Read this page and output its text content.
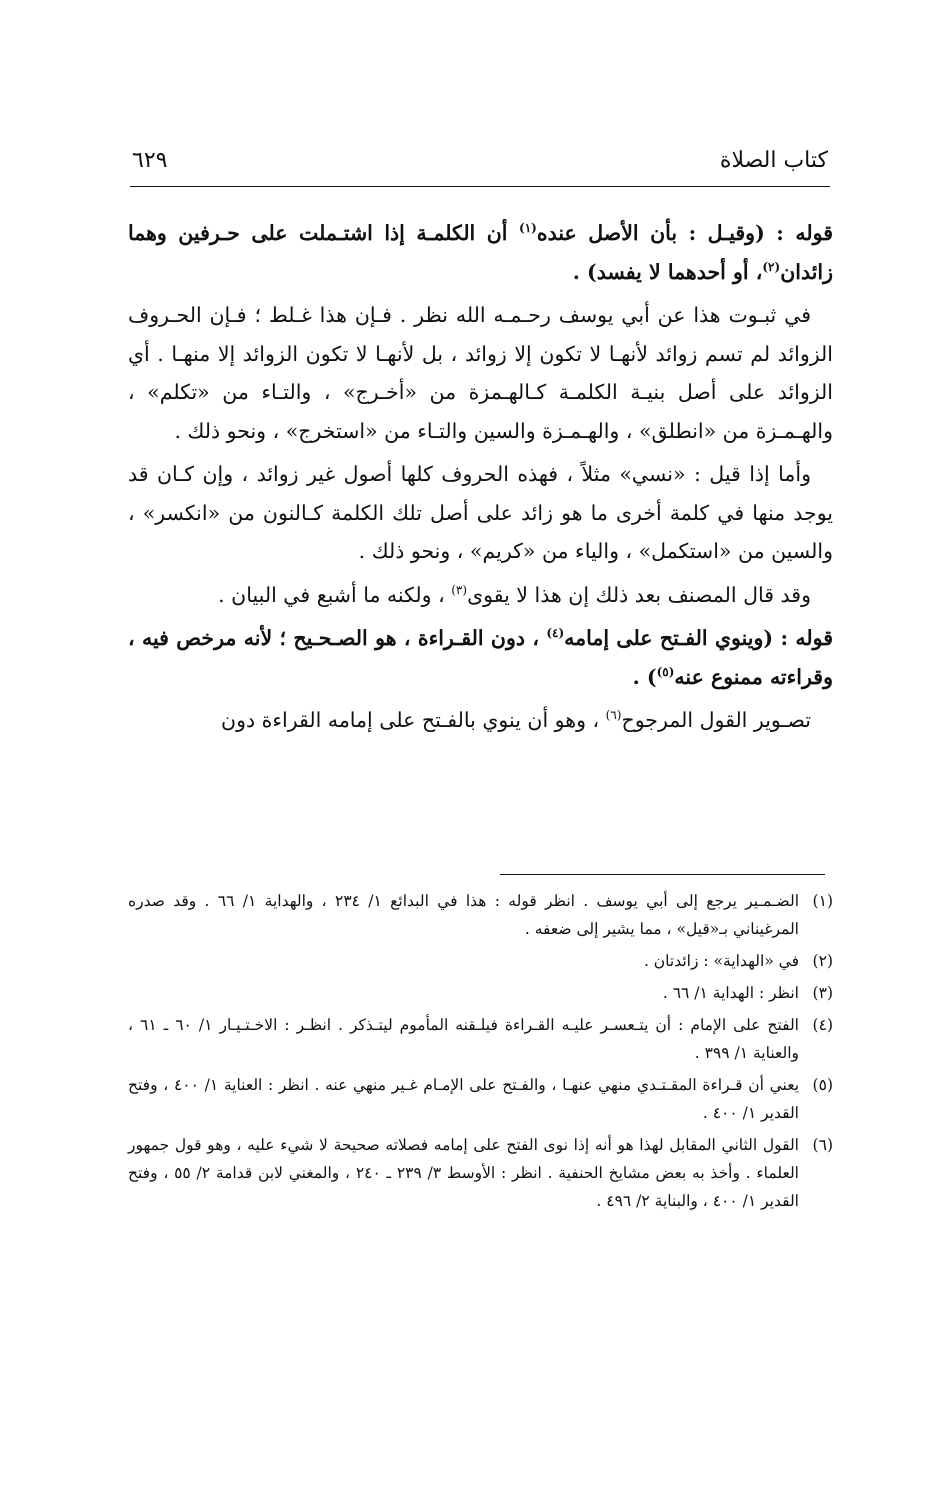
كتاب الصلاة
٦٢٩

قوله : (وقيـل : بأن الأصل عنده$^{(١)}$ أن الكلمـة إذا اشتـملت على حـرفين وهما زائدان$^{(٢)}$، أو أحدهما لا يفسد) .

في ثبـوت هذا عن أبي يوسف رحـمـه الله نظر . فـإن هذا غـلط ؛ فـإن الحـروف الزوائد لم تسم زوائد لأنهـا لا تكون إلا زوائد ، بل لأنهـا لا تكون الزوائد إلا منهـا . أي الزوائد على أصل بنيـة الكلمـة كـالهـمزة من «أخـرج» ، والتـاء من «تكلم» ، والهـمـزة من «انطلق» ، والهـمـزة والسين والتـاء من «استخرج» ، ونحو ذلك .

وأما إذا قيل : «نسي» مثلاً ، فهذه الحروف كلها أصول غير زوائد ، وإن كـان قد يوجد منها في كلمة أخرى ما هو زائد على أصل تلك الكلمة كـالنون من «انكسر» ، والسين من «استكمل» ، والياء من «كريم» ، ونحو ذلك .

وقد قال المصنف بعد ذلك إن هذا لا يقوى$^{(٣)}$ ، ولكنه ما أشبع في البيان .

قوله : (وينوي الفـتح على إمامه$^{(٤)}$ ، دون القـراءة ، هو الصـحـيح ؛ لأنه مرخص فيه ، وقراءته ممنوع عنه$^{(٥)}$) .

تصـوير القول المرجوح$^{(٦)}$ ، وهو أن ينوي بالفـتح على إمامه القراءة دون

(١)
الضـمـير يرجع إلى أبي يوسف . انظر قوله : هذا في البدائع ١/ ٢٣٤ ، والهداية ١/ ٦٦ . وقد صدره المرغيناني بـ«قيل» ، مما يشير إلى ضعفه .
(٢)
في «الهداية» : زائدتان .
(٣)
انظر : الهداية ١/ ٦٦ .
(٤)
الفتح على الإمام : أن يتـعسـر عليـه القـراءة فيلـقنه المأموم ليتـذكر . انظـر : الاخـتـيـار ١/ ٦٠ ـ ٦١ ، والعناية ١/ ٣٩٩ .
(٥)
يعني أن قـراءة المقـتـدي منهي عنهـا ، والفـتح على الإمـام غـير منهي عنه . انظر : العناية ١/ ٤٠٠ ، وفتح القدير ١/ ٤٠٠ .
(٦)
القول الثاني المقابل لهذا هو أنه إذا نوى الفتح على إمامه فصلاته صحيحة لا شيء عليه ، وهو قول جمهور العلماء . وأخذ به بعض مشايخ الحنفية . انظر : الأوسط ٣/ ٢٣٩ ـ ٢٤٠ ، والمغني لابن قدامة ٢/ ٥٥ ، وفتح القدير ١/ ٤٠٠ ، والبناية ٢/ ٤٩٦ .
